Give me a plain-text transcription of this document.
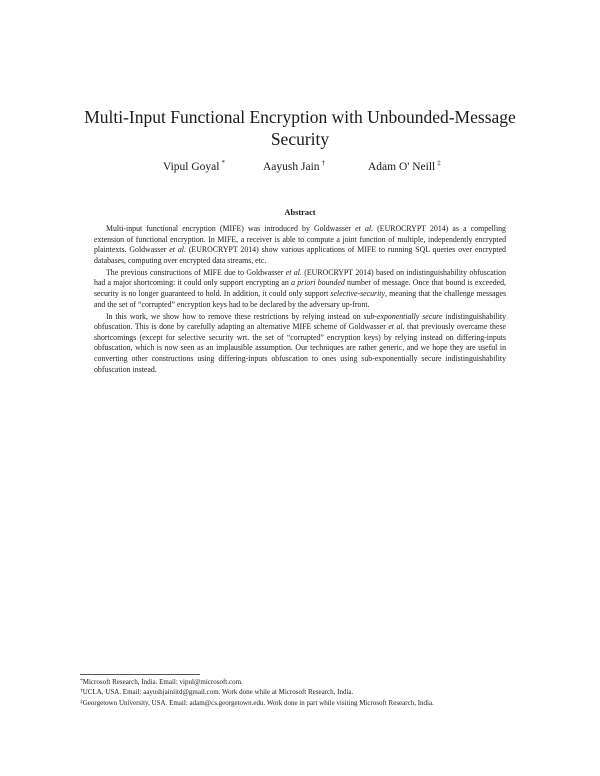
Multi-Input Functional Encryption with Unbounded-Message Security
Vipul Goyal *	Aayush Jain †	Adam O' Neill ‡
Abstract

Multi-input functional encryption (MIFE) was introduced by Goldwasser et al. (EUROCRYPT 2014) as a compelling extension of functional encryption. In MIFE, a receiver is able to compute a joint function of multiple, independently encrypted plaintexts. Goldwasser et al. (EUROCRYPT 2014) show various applications of MIFE to running SQL queries over encrypted databases, computing over encrypted data streams, etc.

The previous constructions of MIFE due to Goldwasser et al. (EUROCRYPT 2014) based on indistinguishability obfuscation had a major shortcoming: it could only support encrypting an a priori bounded number of message. Once that bound is exceeded, security is no longer guaranteed to hold. In addition, it could only support selective-security, meaning that the challenge messages and the set of “corrupted” encryption keys had to be declared by the adversary up-front.

In this work, we show how to remove these restrictions by relying instead on sub-exponentially secure indistinguishability obfuscation. This is done by carefully adapting an alternative MIFE scheme of Goldwasser et al. that previously overcame these shortcomings (except for selective security wrt. the set of “corrupted” encryption keys) by relying instead on differing-inputs obfuscation, which is now seen as an implausible assumption. Our techniques are rather generic, and we hope they are useful in converting other constructions using differing-inputs obfuscation to ones using sub-exponentially secure indistinguishability obfuscation instead.

*Microsoft Research, India. Email: vipul@microsoft.com.
†UCLA, USA. Email: aayushjainiitd@gmail.com. Work done while at Microsoft Research, India.
‡Georgetown University, USA. Email: adam@cs.georgetown.edu. Work done in part while visiting Microsoft Research, India.
